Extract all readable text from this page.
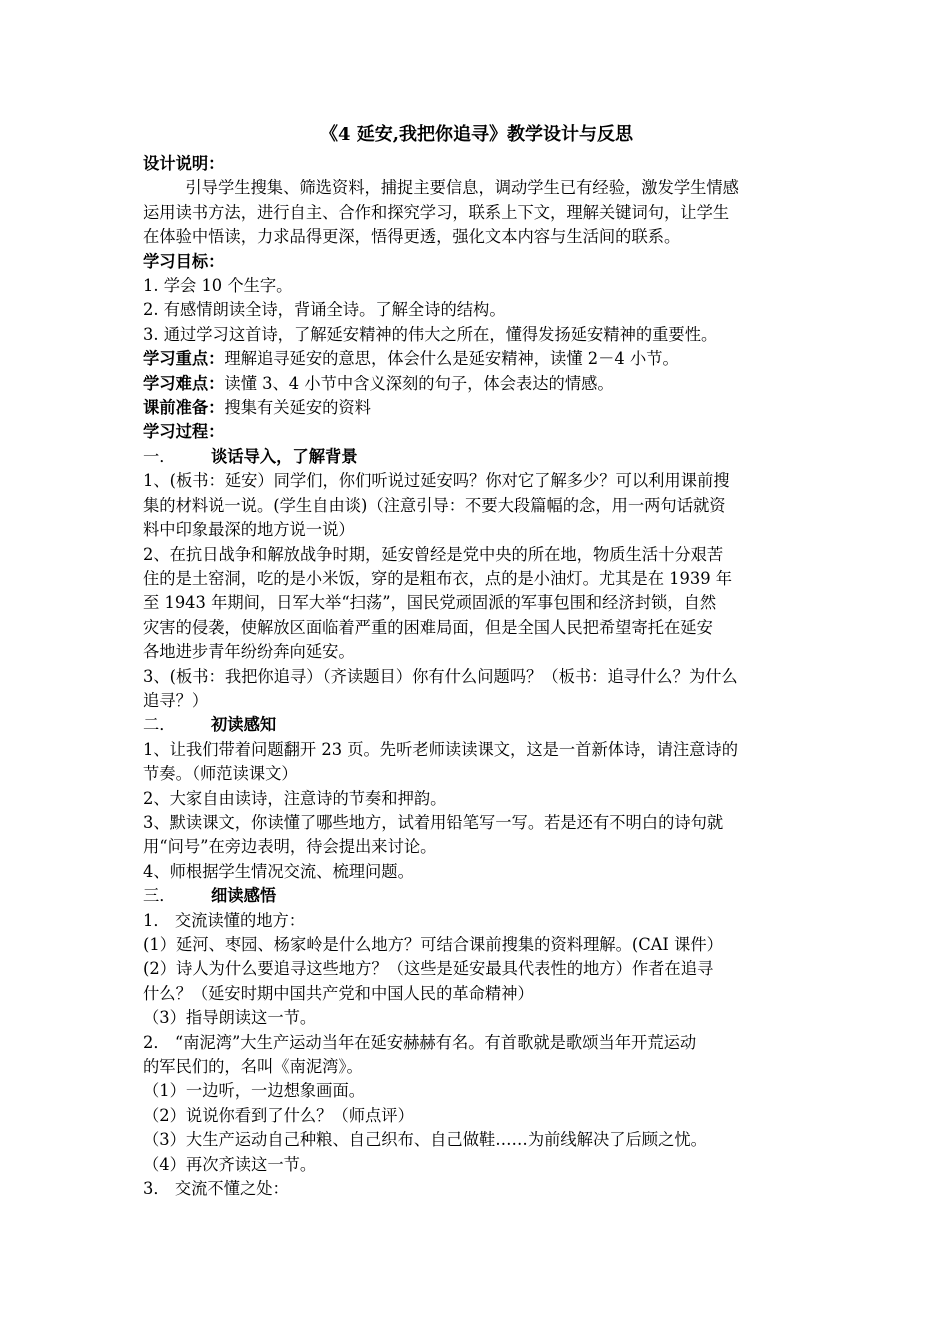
《4 延安,我把你追寻》教学设计与反思

设计说明：

引导学生搜集、筛选资料，捕捉主要信息，调动学生已有经验，激发学生情感

运用读书方法，进行自主、合作和探究学习，联系上下文，理解关键词句，让学生

在体验中悟读，力求品得更深，悟得更透，强化文本内容与生活间的联系。

学习目标：

1. 学会 10 个生字。

2. 有感情朗读全诗，背诵全诗。了解全诗的结构。

3. 通过学习这首诗，了解延安精神的伟大之所在，懂得发扬延安精神的重要性。

学习重点：理解追寻延安的意思，体会什么是延安精神，读懂 2－4 小节。

学习难点：读懂 3、4 小节中含义深刻的句子，体会表达的情感。

课前准备：搜集有关延安的资料

学习过程：

一． 谈话导入，了解背景

1、(板书：延安）同学们，你们听说过延安吗？你对它了解多少？可以利用课前搜

集的材料说一说。(学生自由谈)（注意引导：不要大段篇幅的念，用一两句话就资

料中印象最深的地方说一说）

2、在抗日战争和解放战争时期，延安曾经是党中央的所在地，物质生活十分艰苦

住的是土窑洞，吃的是小米饭，穿的是粗布衣，点的是小油灯。尤其是在 1939 年

至 1943 年期间，日军大举“扫荡”，国民党顽固派的军事包围和经济封锁，自然

灾害的侵袭，使解放区面临着严重的困难局面，但是全国人民把希望寄托在延安

各地进步青年纷纷奔向延安。

3、(板书：我把你追寻）（齐读题目）你有什么问题吗？（板书：追寻什么？为什么

追寻？）

二． 初读感知

1、让我们带着问题翻开 23 页。先听老师读读课文，这是一首新体诗，请注意诗的

节奏。（师范读课文）

2、大家自由读诗，注意诗的节奏和押韵。

3、默读课文，你读懂了哪些地方，试着用铅笔写一写。若是还有不明白的诗句就

用“问号”在旁边表明，待会提出来讨论。

4、师根据学生情况交流、梳理问题。

三． 细读感悟

1． 交流读懂的地方：

(1）延河、枣园、杨家岭是什么地方？可结合课前搜集的资料理解。(CAI 课件）

(2）诗人为什么要追寻这些地方？（这些是延安最具代表性的地方）作者在追寻

什么？（延安时期中国共产党和中国人民的革命精神）

（3）指导朗读这一节。

2． “南泥湾”大生产运动当年在延安赫赫有名。有首歌就是歌颂当年开荒运动

的军民们的，名叫《南泥湾》。

（1）一边听，一边想象画面。

（2）说说你看到了什么？（师点评）

（3）大生产运动自己种粮、自己织布、自己做鞋……为前线解决了后顾之忧。

（4）再次齐读这一节。

3． 交流不懂之处：
